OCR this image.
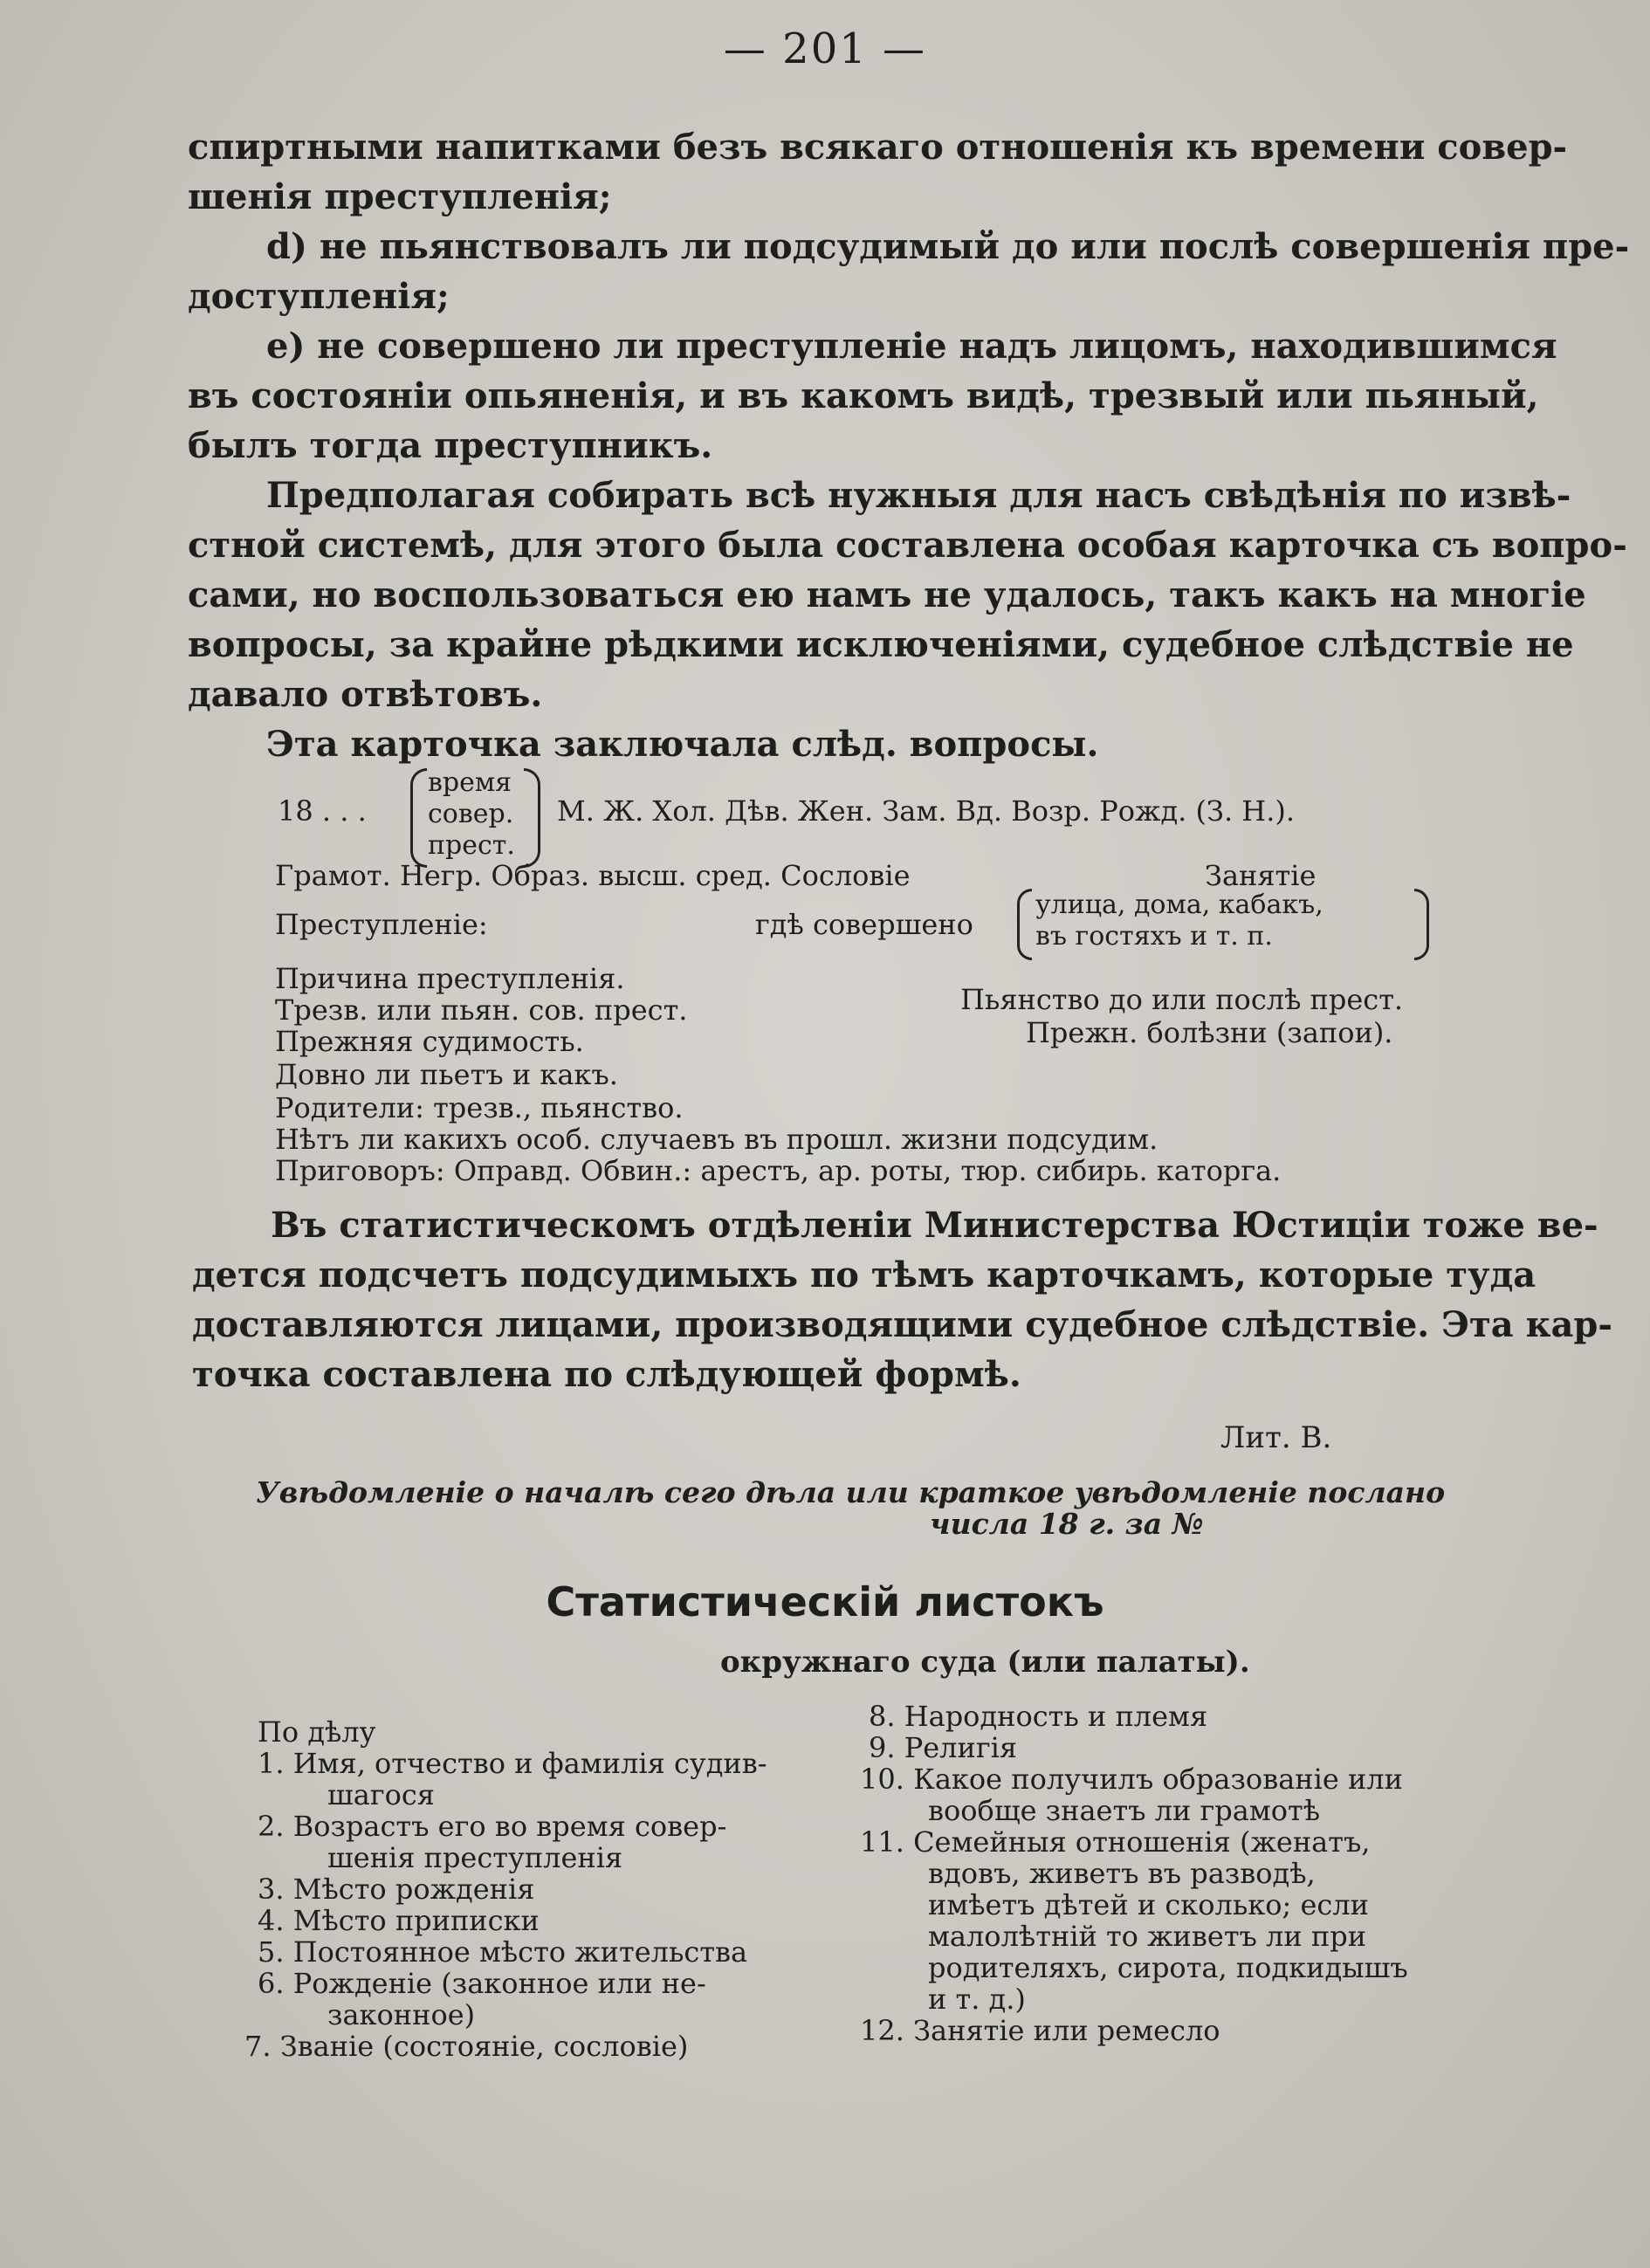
— 201 —

спиртными напитками безъ всякаго отношенія къ времени совер-

шенія преступленія;

d) не пьянствовалъ ли подсудимый до или послѣ совершенія пре-

доступленія;

e) не совершено ли преступленіе надъ лицомъ, находившимся

въ состояніи опьяненія, и въ какомъ видѣ, трезвый или пьяный,

былъ тогда преступникъ.

Предполагая собирать всѣ нужныя для насъ свѣдѣнія по извѣ-

стной системѣ, для этого была составлена особая карточка съ вопро-

сами, но воспользоваться ею намъ не удалось, такъ какъ на многіе

вопросы, за крайне рѣдкими исключеніями, судебное слѣдствіе не

давало отвѣтовъ.

Эта карточка заключала слѣд. вопросы.

18 . . .
время
совер.
прест.
М. Ж. Хол. Дѣв. Жен. Зам. Вд. Возр. Рожд. (З. Н.).
Грамот. Негр. Образ. высш. сред. Сословіе	Занятіе
Преступленіе:	гдѣ совершено
улица, дома, кабакъ,
въ гостяхъ и т. п.
Причина преступленія.
Трезв. или пьян. сов. прест.	Пьянство до или послѣ прест.
Прежняя судимость.	Прежн. болѣзни (запои).
Довно ли пьетъ и какъ.
Родители: трезв., пьянство.
Нѣтъ ли какихъ особ. случаевъ въ прошл. жизни подсудим.
Приговоръ: Оправд. Обвин.: арестъ, ар. роты, тюр. сибирь. каторга.

Въ статистическомъ отдѣленіи Министерства Юстиціи тоже ве-

дется подсчетъ подсудимыхъ по тѣмъ карточкамъ, которые туда

доставляются лицами, производящими судебное слѣдствіе. Эта кар-

точка составлена по слѣдующей формѣ.

Лит. В.
Увѣдомленіе о началѣ сего дѣла или краткое увѣдомленіе послано
числа 18 г. за №
Статистическій листокъ
окружнаго суда (или палаты).
По дѣлу
1. Имя, отчество и фамилія судив-
шагося
2. Возрастъ его во время совер-
шенія преступленія
3. Мѣсто рожденія
4. Мѣсто приписки
5. Постоянное мѣсто жительства
6. Рожденіе (законное или не-
законное)
7. Званіе (состояніе, сословіе)
8. Народность и племя
9. Религія
10. Какое получилъ образованіе или
вообще знаетъ ли грамотѣ
11. Семейныя отношенія (женатъ,
вдовъ, живетъ въ разводѣ,
имѣетъ дѣтей и сколько; если
малолѣтній то живетъ ли при
родителяхъ, сирота, подкидышъ
и т. д.)
12. Занятіе или ремесло
